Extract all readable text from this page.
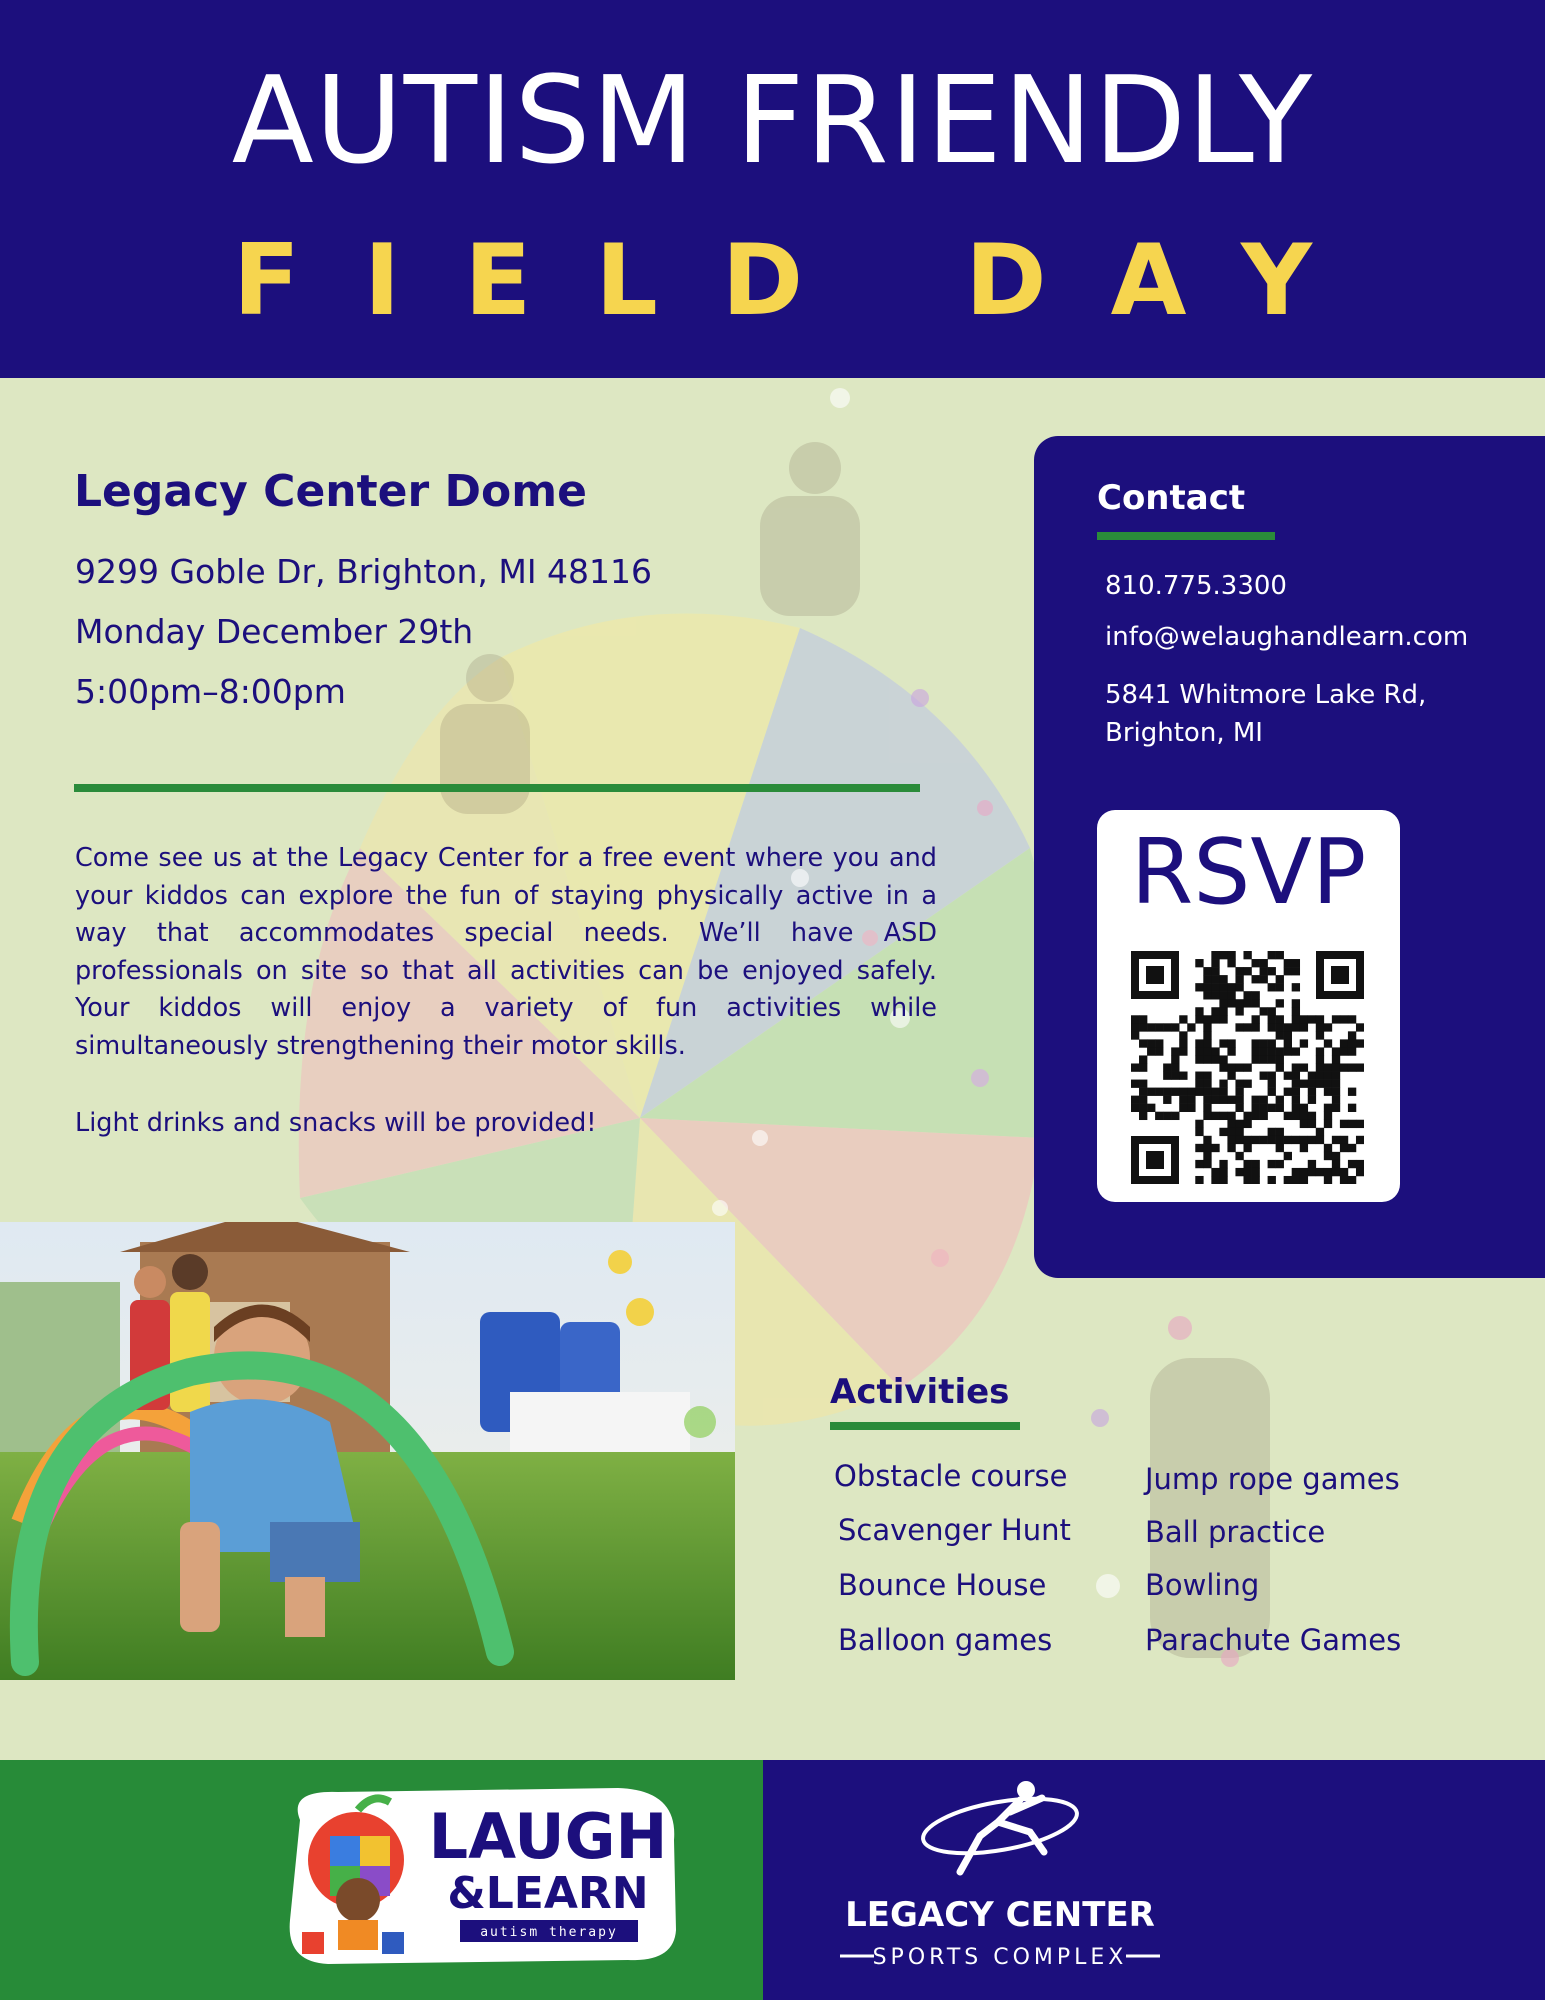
AUTISM FRIENDLY
FIELD DAY
Legacy Center Dome
9299 Goble Dr, Brighton, MI 48116
Monday December 29th
5:00pm–8:00pm

Come see us at the Legacy Center for a free event where you and your kiddos can explore the fun of staying physically active in a way that accommodates special needs. We’ll have ASD professionals on site so that all activities can be enjoyed safely. Your kiddos will enjoy a variety of fun activities while simultaneously strengthening their motor skills.

Light drinks and snacks will be provided!

Contact
810.775.3300
info@welaughandlearn.com
5841 Whitmore Lake Rd,
Brighton, MI
RSVP
Activities
Obstacle course
Scavenger Hunt
Bounce House
Balloon games
Jump rope games
Ball practice
Bowling
Parachute Games
LAUGH
&LEARN
autism therapy	LEGACY CENTER
SPORTS COMPLEX
